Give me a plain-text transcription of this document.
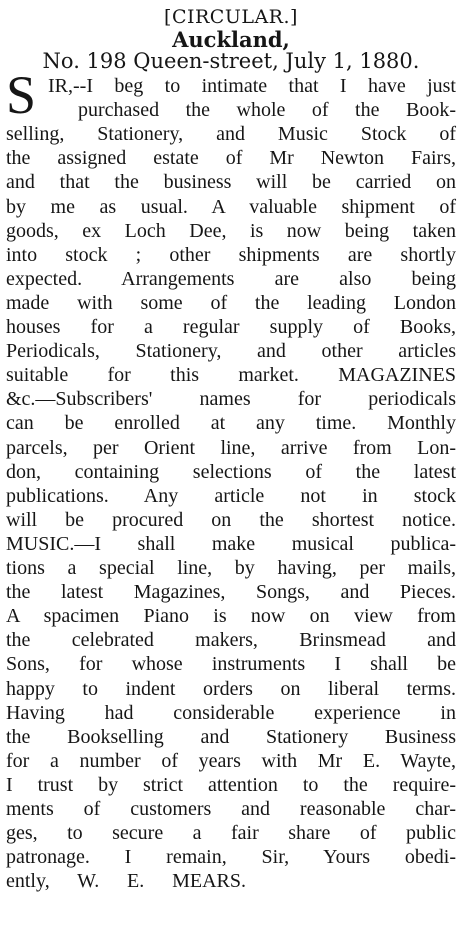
[CIRCULAR.]
Auckland,
No. 198 Queen-street, July 1, 1880.
S IR,--I beg to intimate that I have just
purchased the whole of the Book-
selling, Stationery, and Music Stock of
the assigned estate of Mr Newton Fairs,
and that the business will be carried on
by me as usual. A valuable shipment of
goods, ex Loch Dee, is now being taken
into stock ; other shipments are shortly
expected. Arrangements are also being
made with some of the leading London
houses for a regular supply of Books,
Periodicals, Stationery, and other articles
suitable for this market. MAGAZINES
&c.—Subscribers' names for periodicals
can be enrolled at any time. Monthly
parcels, per Orient line, arrive from Lon-
don, containing selections of the latest
publications. Any article not in stock
will be procured on the shortest notice.
MUSIC.—I shall make musical publica-
tions a special line, by having, per mails,
the latest Magazines, Songs, and Pieces.
A spacimen Piano is now on view from
the celebrated makers, Brinsmead and
Sons, for whose instruments I shall be
happy to indent orders on liberal terms.
Having had considerable experience in
the Bookselling and Stationery Business
for a number of years with Mr E. Wayte,
I trust by strict attention to the require-
ments of customers and reasonable char-
ges, to secure a fair share of public
patronage. I remain, Sir, Yours obedi-
ently, W. E. MEARS.
